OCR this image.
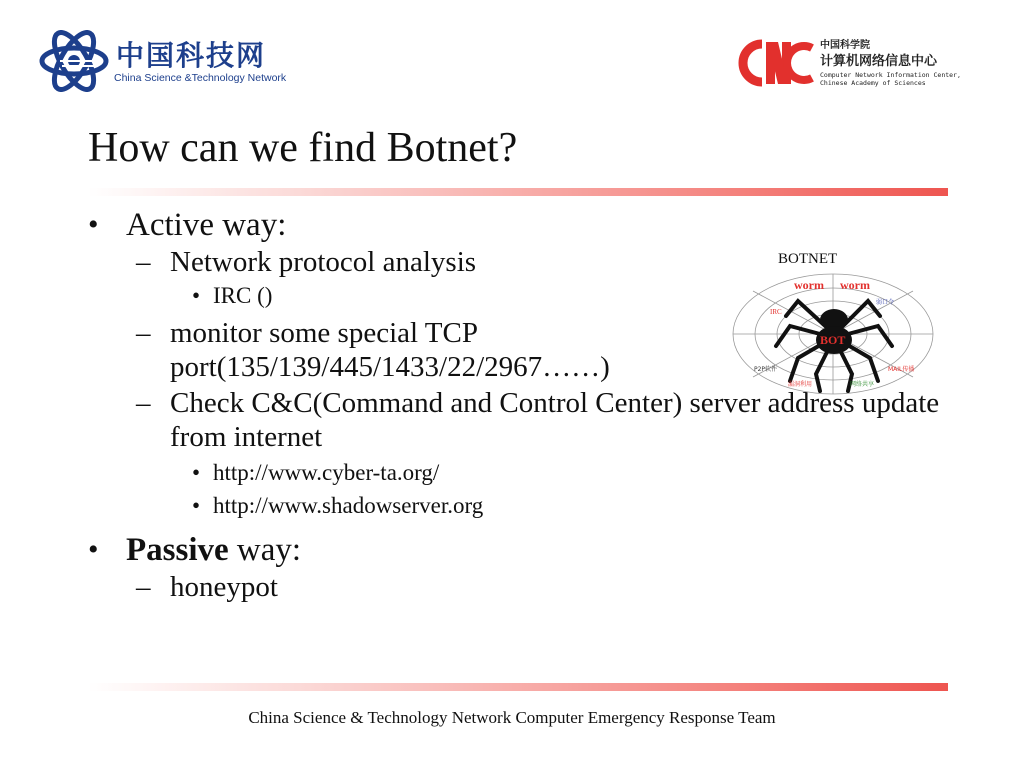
中国科技网
China Science &Technology Network
中国科学院
计算机网络信息中心
Computer Network Information Center,
Chinese Academy of Sciences
How can we find Botnet?
• Active way:
– Network protocol analysis
• IRC ()
– monitor some special TCP port(135/139/445/1433/22/2967……)
– Check C&C(Command and Control Center) server address update from internet
• http://www.cyber-ta.org/
• http://www.shadowserver.org
• Passive way:
– honeypot
BOTNET
worm worm
BOT
IRC
P2P软件	MAIL传播
漏洞利用	网络共享
弱口令
China Science & Technology Network Computer Emergency Response Team
